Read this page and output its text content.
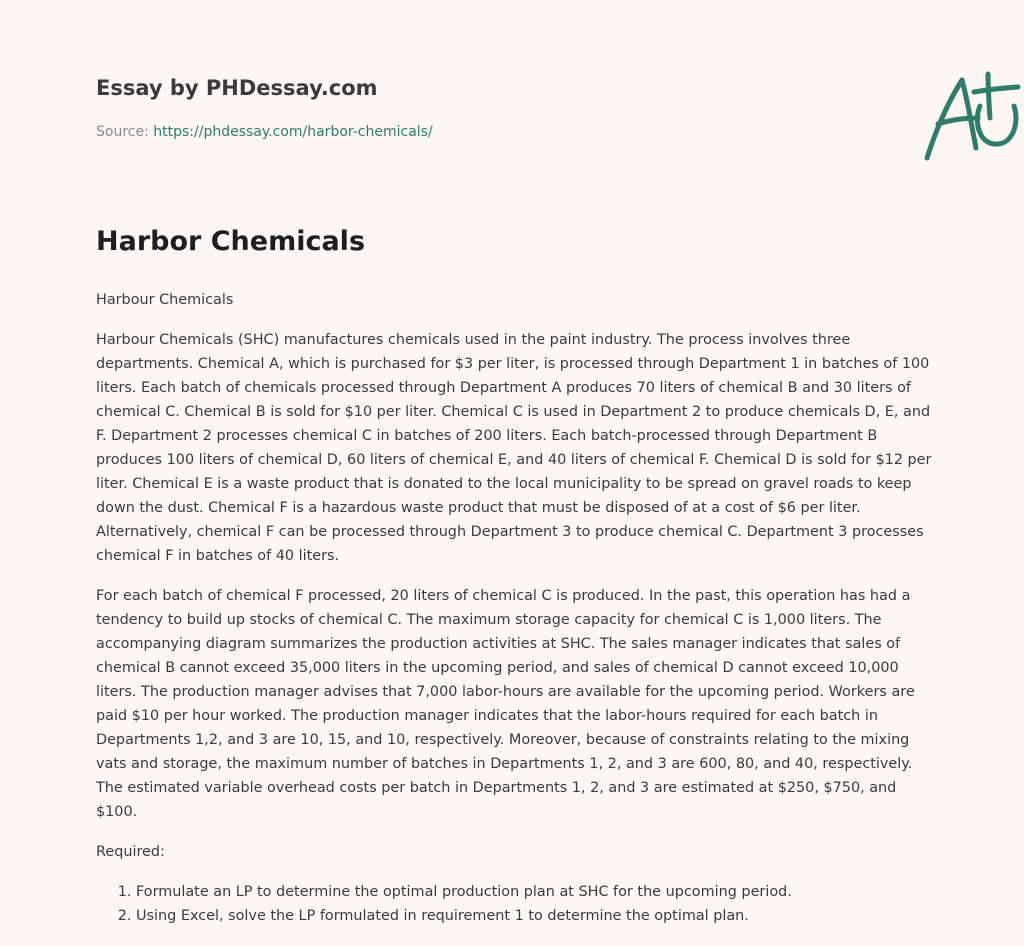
Essay by PHDessay.com
Source: https://phdessay.com/harbor-chemicals/
Harbor Chemicals

Harbour Chemicals

Harbour Chemicals (SHC) manufactures chemicals used in the paint industry. The process involves three departments. Chemical A, which is purchased for $3 per liter, is processed through Department 1 in batches of 100 liters. Each batch of chemicals processed through Department A produces 70 liters of chemical B and 30 liters of chemical C. Chemical B is sold for $10 per liter. Chemical C is used in Department 2 to produce chemicals D, E, and F. Department 2 processes chemical C in batches of 200 liters. Each batch-processed through Department B produces 100 liters of chemical D, 60 liters of chemical E, and 40 liters of chemical F. Chemical D is sold for $12 per liter. Chemical E is a waste product that is donated to the local municipality to be spread on gravel roads to keep down the dust. Chemical F is a hazardous waste product that must be disposed of at a cost of $6 per liter. Alternatively, chemical F can be processed through Department 3 to produce chemical C. Department 3 processes chemical F in batches of 40 liters.

For each batch of chemical F processed, 20 liters of chemical C is produced. In the past, this operation has had a tendency to build up stocks of chemical C. The maximum storage capacity for chemical C is 1,000 liters. The accompanying diagram summarizes the production activities at SHC. The sales manager indicates that sales of chemical B cannot exceed 35,000 liters in the upcoming period, and sales of chemical D cannot exceed 10,000 liters. The production manager advises that 7,000 labor-hours are available for the upcoming period. Workers are paid $10 per hour worked. The production manager indicates that the labor-hours required for each batch in Departments 1,2, and 3 are 10, 15, and 10, respectively. Moreover, because of constraints relating to the mixing vats and storage, the maximum number of batches in Departments 1, 2, and 3 are 600, 80, and 40, respectively. The estimated variable overhead costs per batch in Departments 1, 2, and 3 are estimated at $250, $750, and $100.

Required:

1. Formulate an LP to determine the optimal production plan at SHC for the upcoming period.
2. Using Excel, solve the LP formulated in requirement 1 to determine the optimal plan.
